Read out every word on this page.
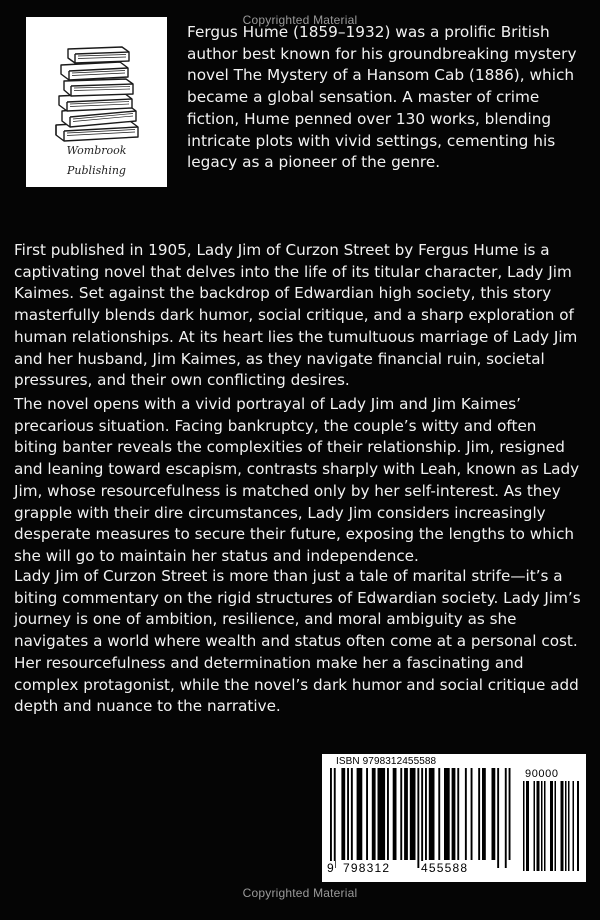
Copyrighted Material
Wombrook
Publishing

Fergus Hume (1859–1932) was a prolific British author best known for his groundbreaking mystery novel The Mystery of a Hansom Cab (1886), which became a global sensation. A master of crime fiction, Hume penned over 130 works, blending intricate plots with vivid settings, cementing his legacy as a pioneer of the genre.

First published in 1905, Lady Jim of Curzon Street by Fergus Hume is a captivating novel that delves into the life of its titular character, Lady Jim Kaimes. Set against the backdrop of Edwardian high society, this story masterfully blends dark humor, social critique, and a sharp exploration of human relationships. At its heart lies the tumultuous marriage of Lady Jim and her husband, Jim Kaimes, as they navigate financial ruin, societal pressures, and their own conflicting desires.

The novel opens with a vivid portrayal of Lady Jim and Jim Kaimes’ precarious situation. Facing bankruptcy, the couple’s witty and often biting banter reveals the complexities of their relationship. Jim, resigned and leaning toward escapism, contrasts sharply with Leah, known as Lady Jim, whose resourcefulness is matched only by her self-interest. As they grapple with their dire circumstances, Lady Jim considers increasingly desperate measures to secure their future, exposing the lengths to which she will go to maintain her status and independence.

Lady Jim of Curzon Street is more than just a tale of marital strife—it’s a biting commentary on the rigid structures of Edwardian society. Lady Jim’s journey is one of ambition, resilience, and moral ambiguity as she navigates a world where wealth and status often come at a personal cost. Her resourcefulness and determination make her a fascinating and complex protagonist, while the novel’s dark humor and social critique add depth and nuance to the narrative.

ISBN 9798312455588
90000
9 798312	455588
Copyrighted Material
